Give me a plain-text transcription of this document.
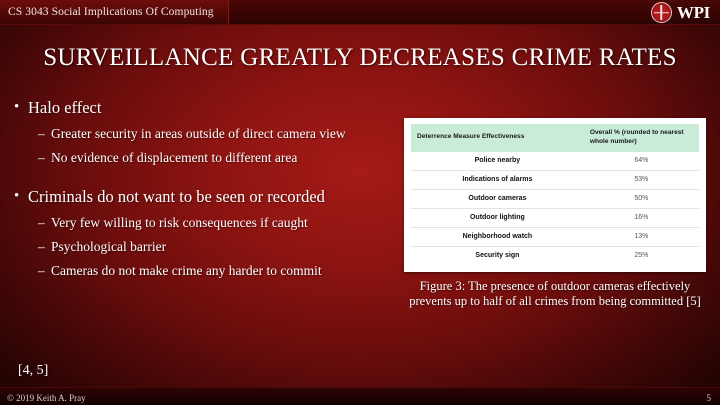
CS 3043 Social Implications Of Computing	WPI
SURVEILLANCE GREATLY DECREASES CRIME RATES
• Halo effect
– Greater security in areas outside of direct camera view
– No evidence of displacement to different area
• Criminals do not want to be seen or recorded
– Very few willing to risk consequences if caught
– Psychological barrier
– Cameras do not make crime any harder to commit
Deterrence Measure Effectiveness	Overall % (rounded to nearest whole number)
Police nearby	64%
Indications of alarms	53%
Outdoor cameras	50%
Outdoor lighting	16%
Neighborhood watch	13%
Security sign	25%
Figure 3: The presence of outdoor cameras effectively prevents up to half of all crimes from being committed [5]
[4, 5]
© 2019 Keith A. Pray	5
